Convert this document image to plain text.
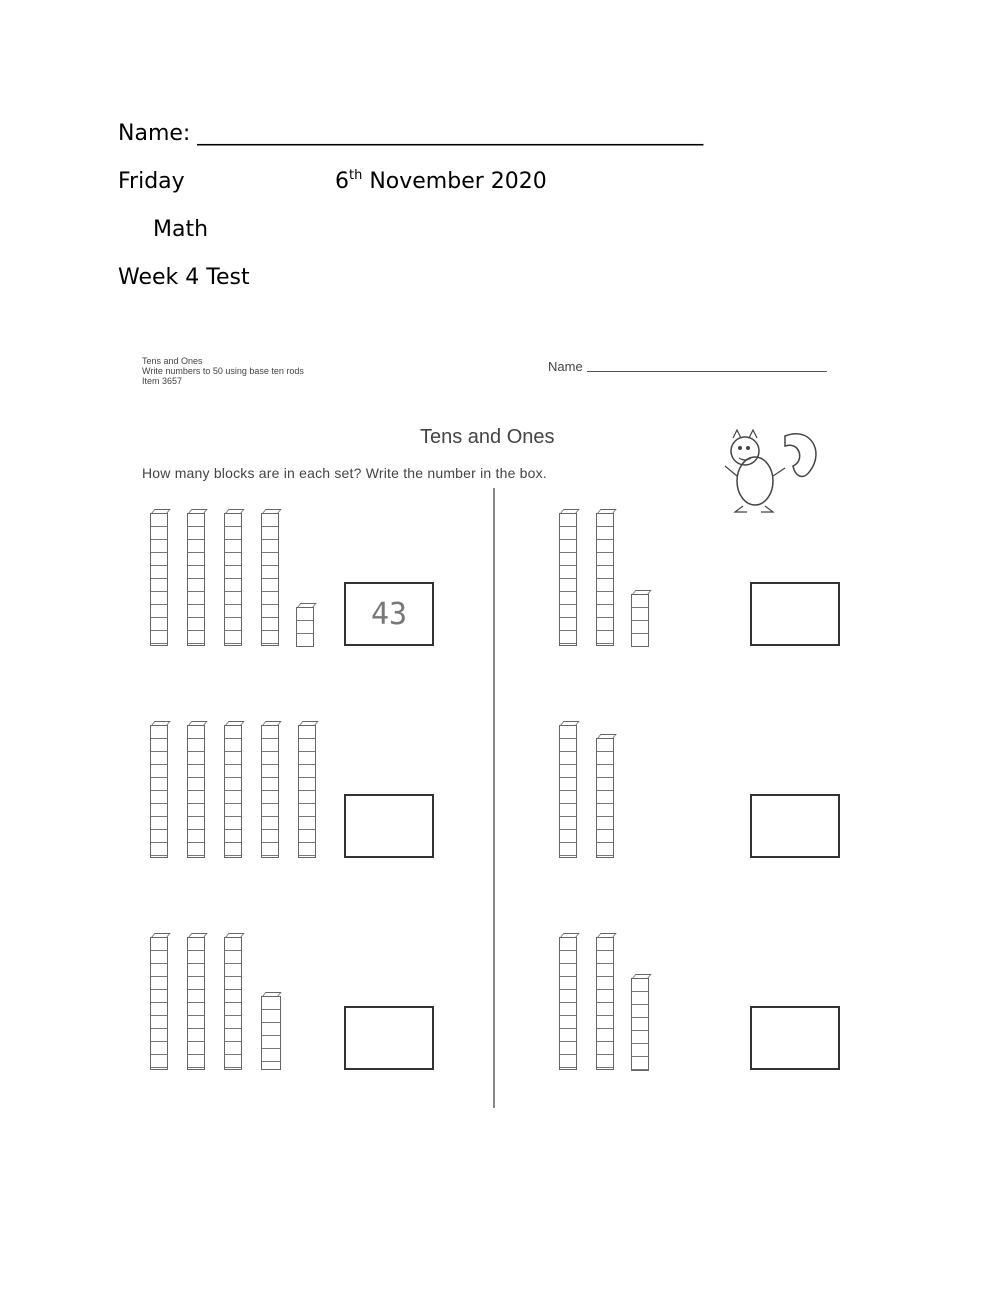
Name: ______________________________________________
Friday	6th November 2020
Math
Week 4 Test
Tens and Ones
Write numbers to 50 using base ten rods
Item 3657
Name
Tens and Ones
How many blocks are in each set? Write the number in the box.
43
